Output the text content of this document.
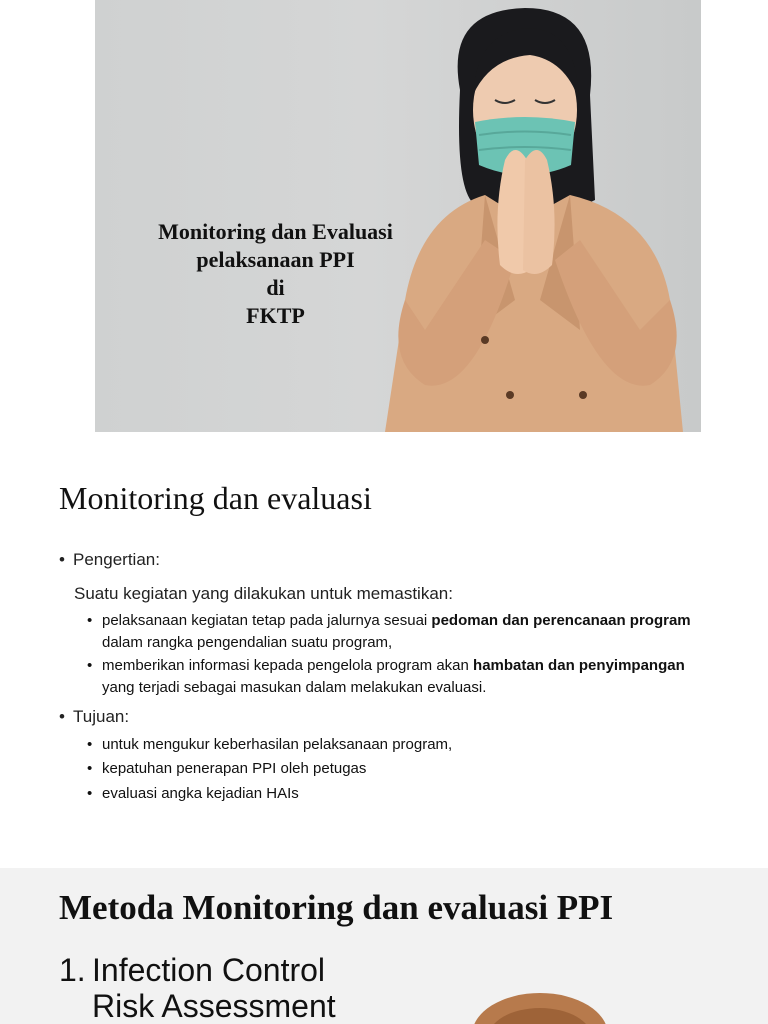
Monitoring dan Evaluasi
pelaksanaan PPI
di
FKTP
Monitoring dan evaluasi
• Pengertian:
Suatu kegiatan yang dilakukan untuk memastikan:
• pelaksanaan kegiatan tetap pada jalurnya sesuai pedoman dan perencanaan program dalam rangka pengendalian suatu program,
• memberikan informasi kepada pengelola program akan hambatan dan penyimpangan yang terjadi sebagai masukan dalam melakukan evaluasi.
• Tujuan:
• untuk mengukur keberhasilan pelaksanaan program,
• kepatuhan penerapan PPI oleh petugas
• evaluasi angka kejadian HAIs
Metoda Monitoring dan evaluasi PPI
1. Infection Control
Risk Assessment
